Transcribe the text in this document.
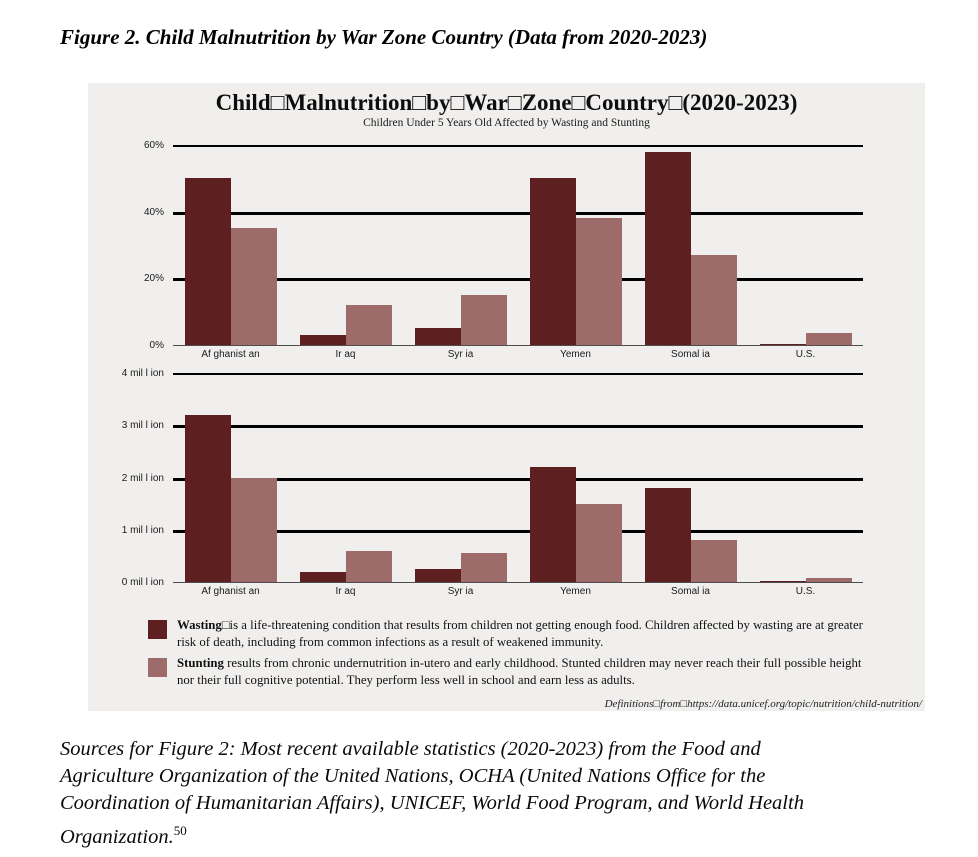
Figure 2. Child Malnutrition by War Zone Country (Data from 2020-2023)
Child□Malnutrition□by□War□Zone□Country□(2020-2023)
Children Under 5 Years Old Affected by Wasting and Stunting
0%
20%
40%
60%
Af ghanist an	Ir aq	Syr ia	Yemen	Somal ia	U.S.
0 mil l ion
1 mil l ion
2 mil l ion
3 mil l ion
4 mil l ion
Af ghanist an	Ir aq	Syr ia	Yemen	Somal ia	U.S.
Wasting□is a life-threatening condition that results from children not getting enough food. Children affected by wasting are at greater risk of death, including from common infections as a result of weakened immunity.
Stunting results from chronic undernutrition in-utero and early childhood. Stunted children may never reach their full possible height nor their full cognitive potential. They perform less well in school and earn less as adults.
Definitions□from□https://data.unicef.org/topic/nutrition/child-nutrition/
Sources for Figure 2: Most recent available statistics (2020-2023) from the Food and
Agriculture Organization of the United Nations, OCHA (United Nations Office for the
Coordination of Humanitarian Affairs), UNICEF, World Food Program, and World Health
Organization.$^{50}$
